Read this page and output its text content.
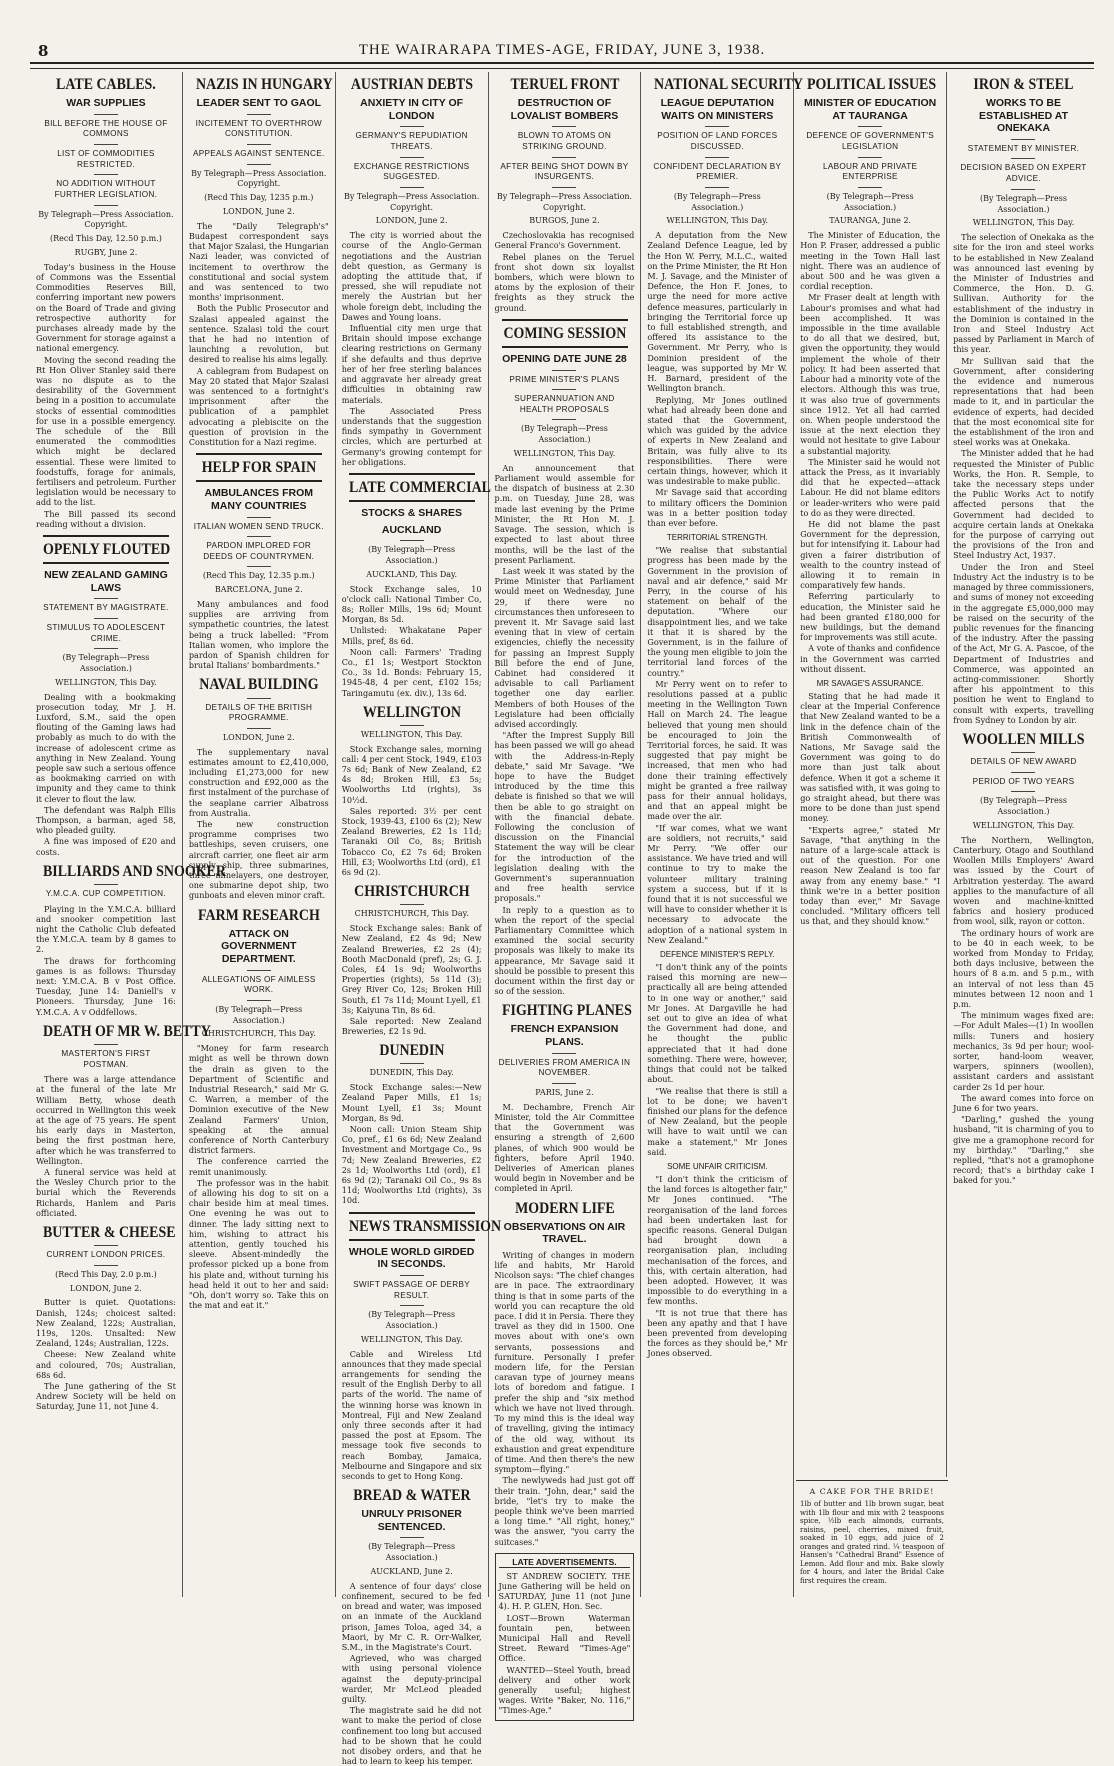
8	THE WAIRARAPA TIMES-AGE, FRIDAY, JUNE 3, 1938.
LATE CABLES.
WAR SUPPLIES
BILL BEFORE THE HOUSE OF COMMONS
LIST OF COMMODITIES RESTRICTED.
NO ADDITION WITHOUT FURTHER LEGISLATION.
By Telegraph—Press Association. Copyright.
(Recd This Day, 12.50 p.m.)
RUGBY, June 2.

Today's business in the House of Commons was the Essential Commodities Reserves Bill, conferring important new powers on the Board of Trade and giving retrospective authority for purchases already made by the Government for storage against a national emergency.

Moving the second reading the Rt Hon Oliver Stanley said there was no dispute as to the desirability of the Government being in a position to accumulate stocks of essential commodities for use in a possible emergency. The schedule of the Bill enumerated the commodities which might be declared essential. These were limited to foodstuffs, forage for animals, fertilisers and petroleum. Further legislation would be necessary to add to the list.

The Bill passed its second reading without a division.

OPENLY FLOUTED
NEW ZEALAND GAMING LAWS
STATEMENT BY MAGISTRATE.
STIMULUS TO ADOLESCENT CRIME.
(By Telegraph—Press Association.)
WELLINGTON, This Day.

Dealing with a bookmaking prosecution today, Mr J. H. Luxford, S.M., said the open flouting of the Gaming laws had probably as much to do with the increase of adolescent crime as anything in New Zealand. Young people saw such a serious offence as bookmaking carried on with impunity and they came to think it clever to flout the law.

The defendant was Ralph Ellis Thompson, a barman, aged 58, who pleaded guilty.

A fine was imposed of £20 and costs.

BILLIARDS AND SNOOKER
Y.M.C.A. CUP COMPETITION.

Playing in the Y.M.C.A. billiard and snooker competition last night the Catholic Club defeated the Y.M.C.A. team by 8 games to 2.

The draws for forthcoming games is as follows: Thursday next: Y.M.C.A. B v Post Office. Tuesday, June 14: Daniell's v Pioneers. Thursday, June 16: Y.M.C.A. A v Oddfellows.

DEATH OF MR W. BETTY
MASTERTON'S FIRST POSTMAN.

There was a large attendance at the funeral of the late Mr William Betty, whose death occurred in Wellington this week at the age of 75 years. He spent his early days in Masterton, being the first postman here, after which he was transferred to Wellington.

A funeral service was held at the Wesley Church prior to the burial which the Reverends Richards, Hanlem and Paris officiated.

BUTTER & CHEESE
CURRENT LONDON PRICES.
(Recd This Day, 2.0 p.m.)
LONDON, June 2.

Butter is quiet. Quotations: Danish, 124s; choicest salted: New Zealand, 122s; Australian, 119s, 120s. Unsalted: New Zealand, 124s; Australian, 122s.

Cheese: New Zealand white and coloured, 70s; Australian, 68s 6d.

The June gathering of the St Andrew Society will be held on Saturday, June 11, not June 4.

NAZIS IN HUNGARY
LEADER SENT TO GAOL
INCITEMENT TO OVERTHROW CONSTITUTION.
APPEALS AGAINST SENTENCE.
By Telegraph—Press Association. Copyright.
(Recd This Day, 1235 p.m.)
LONDON, June 2.

The "Daily Telegraph's" Budapest correspondent says that Major Szalasi, the Hungarian Nazi leader, was convicted of incitement to overthrow the constitutional and social system and was sentenced to two months' imprisonment.

Both the Public Prosecutor and Szalasi appealed against the sentence. Szalasi told the court that he had no intention of launching a revolution, but desired to realise his aims legally.

A cablegram from Budapest on May 20 stated that Major Szalasi was sentenced to a fortnight's imprisonment after the publication of a pamphlet advocating a plebiscite on the question of provision in the Constitution for a Nazi regime.

HELP FOR SPAIN
AMBULANCES FROM MANY COUNTRIES
ITALIAN WOMEN SEND TRUCK.
PARDON IMPLORED FOR DEEDS OF COUNTRYMEN.
(Recd This Day, 12.35 p.m.)
BARCELONA, June 2.

Many ambulances and food supplies are arriving from sympathetic countries, the latest being a truck labelled: "From Italian women, who implore the pardon of Spanish children for brutal Italians' bombardments."

NAVAL BUILDING
DETAILS OF THE BRITISH PROGRAMME.
LONDON, June 2.

The supplementary naval estimates amount to £2,410,000, including £1,273,000 for new construction and £92,000 as the first instalment of the purchase of the seaplane carrier Albatross from Australia.

The new construction programme comprises two battleships, seven cruisers, one aircraft carrier, one fleet air arm supply ship, three submarines, three minelayers, one destroyer, one submarine depot ship, two gunboats and eleven minor craft.

FARM RESEARCH
ATTACK ON GOVERNMENT DEPARTMENT.
ALLEGATIONS OF AIMLESS WORK.
(By Telegraph—Press Association.)
CHRISTCHURCH, This Day.

"Money for farm research might as well be thrown down the drain as given to the Department of Scientific and Industrial Research," said Mr G. C. Warren, a member of the Dominion executive of the New Zealand Farmers' Union, speaking at the annual conference of North Canterbury district farmers.

The conference carried the remit unanimously.

The professor was in the habit of allowing his dog to sit on a chair beside him at meal times. One evening he was out to dinner. The lady sitting next to him, wishing to attract his attention, gently touched his sleeve. Absent-mindedly the professor picked up a bone from his plate and, without turning his head held it out to her and said: "Oh, don't worry so. Take this on the mat and eat it."

AUSTRIAN DEBTS
ANXIETY IN CITY OF LONDON
GERMANY'S REPUDIATION THREATS.
EXCHANGE RESTRICTIONS SUGGESTED.
By Telegraph—Press Association. Copyright.
LONDON, June 2.

The city is worried about the course of the Anglo-German negotiations and the Austrian debt question, as Germany is adopting the attitude that, if pressed, she will repudiate not merely the Austrian but her whole foreign debt, including the Dawes and Young loans.

Influential city men urge that Britain should impose exchange clearing restrictions on Germany if she defaults and thus deprive her of her free sterling balances and aggravate her already great difficulties in obtaining raw materials.

The Associated Press understands that the suggestion finds sympathy in Government circles, which are perturbed at Germany's growing contempt for her obligations.

LATE COMMERCIAL
STOCKS & SHARES
AUCKLAND
(By Telegraph—Press Association.)
AUCKLAND, This Day.

Stock Exchange sales, 10 o'clock call: National Timber Co, 8s; Roller Mills, 19s 6d; Mount Morgan, 8s 5d.

Unlisted: Whakatane Paper Mills, pref, 8s 6d.

Noon call: Farmers' Trading Co., £1 1s; Westport Stockton Co., 3s 1d. Bonds: February 15, 1945-48, 4 per cent, £102 15s; Taringamutu (ex. div.), 13s 6d.

WELLINGTON
WELLINGTON, This Day.

Stock Exchange sales, morning call: 4 per cent Stock, 1949, £103 7s 6d; Bank of New Zealand, £2 4s 8d; Broken Hill, £3 5s; Woolworths Ltd (rights), 3s 10½d.

Sales reported: 3½ per cent Stock, 1939-43, £100 6s (2); New Zealand Breweries, £2 1s 11d; Taranaki Oil Co, 8s; British Tobacco Co, £2 7s 6d; Broken Hill, £3; Woolworths Ltd (ord), £1 6s 9d (2).

CHRISTCHURCH
CHRISTCHURCH, This Day.

Stock Exchange sales: Bank of New Zealand, £2 4s 9d; New Zealand Breweries, £2 2s (4); Booth MacDonald (pref), 2s; G. J. Coles, £4 1s 9d; Woolworths Properties (rights), 5s 11d (3); Grey River Co, 12s; Broken Hill South, £1 7s 11d; Mount Lyell, £1 3s; Kaiyuna Tin, 8s 6d.

Sale reported: New Zealand Breweries, £2 1s 9d.

DUNEDIN
DUNEDIN, This Day.

Stock Exchange sales:—New Zealand Paper Mills, £1 1s; Mount Lyell, £1 3s; Mount Morgan, 8s 9d.

Noon call: Union Steam Ship Co, pref., £1 6s 6d; New Zealand Investment and Mortgage Co., 9s 7d; New Zealand Breweries, £2 2s 1d; Woolworths Ltd (ord), £1 6s 9d (2); Taranaki Oil Co., 9s 8s 11d; Woolworths Ltd (rights), 3s 10d.

NEWS TRANSMISSION
WHOLE WORLD GIRDED IN SECONDS.
SWIFT PASSAGE OF DERBY RESULT.
(By Telegraph—Press Association.)
WELLINGTON, This Day.

Cable and Wireless Ltd announces that they made special arrangements for sending the result of the English Derby to all parts of the world. The name of the winning horse was known in Montreal, Fiji and New Zealand only three seconds after it had passed the post at Epsom. The message took five seconds to reach Bombay, Jamaica, Melbourne and Singapore and six seconds to get to Hong Kong.

BREAD & WATER
UNRULY PRISONER SENTENCED.
(By Telegraph—Press Association.)
AUCKLAND, June 2.

A sentence of four days' close confinement, secured to be fed on bread and water, was imposed on an inmate of the Auckland prison, James Toloa, aged 34, a Maori, by Mr C. R. Orr-Walker, S.M., in the Magistrate's Court.

Agrieved, who was charged with using personal violence against the deputy-principal warder, Mr McLeod pleaded guilty.

The magistrate said he did not want to make the period of close confinement too long but accused had to be shown that he could not disobey orders, and that he had to learn to keep his temper.

TERUEL FRONT
DESTRUCTION OF LOVALIST BOMBERS
BLOWN TO ATOMS ON STRIKING GROUND.
AFTER BEING SHOT DOWN BY INSURGENTS.
By Telegraph—Press Association. Copyright.
BURGOS, June 2.

Czechoslovakia has recognised General Franco's Government.

Rebel planes on the Teruel front shot down six loyalist bombers, which were blown to atoms by the explosion of their freights as they struck the ground.

COMING SESSION
OPENING DATE JUNE 28
PRIME MINISTER'S PLANS
SUPERANNUATION AND HEALTH PROPOSALS
(By Telegraph—Press Association.)
WELLINGTON, This Day.

An announcement that Parliament would assemble for the dispatch of business at 2.30 p.m. on Tuesday, June 28, was made last evening by the Prime Minister, the Rt Hon M. J. Savage. The session, which is expected to last about three months, will be the last of the present Parliament.

Last week it was stated by the Prime Minister that Parliament would meet on Wednesday, June 29, if there were no circumstances then unforeseen to prevent it. Mr Savage said last evening that in view of certain exigencies, chiefly the necessity for passing an Imprest Supply Bill before the end of June, Cabinet had considered it advisable to call Parliament together one day earlier. Members of both Houses of the Legislature had been officially advised accordingly.

"After the Imprest Supply Bill has been passed we will go ahead with the Address-in-Reply debate," said Mr Savage. "We hope to have the Budget introduced by the time this debate is finished so that we will then be able to go straight on with the financial debate. Following the conclusion of discussion on the Financial Statement the way will be clear for the introduction of the legislation dealing with the Government's superannuation and free health service proposals."

In reply to a question as to when the report of the special Parliamentary Committee which examined the social security proposals was likely to make its appearance, Mr Savage said it should be possible to present this document within the first day or so of the session.

FIGHTING PLANES
FRENCH EXPANSION PLANS.
DELIVERIES FROM AMERICA IN NOVEMBER.
PARIS, June 2.

M. Dechambre, French Air Minister, told the Air Committee that the Government was ensuring a strength of 2,600 planes, of which 900 would be fighters, before April 1940. Deliveries of American planes would begin in November and be completed in April.

MODERN LIFE
OBSERVATIONS ON AIR TRAVEL.

Writing of changes in modern life and habits, Mr Harold Nicolson says: "The chief changes are in pace. The extraordinary thing is that in some parts of the world you can recapture the old pace. I did it in Persia. There they travel as they did in 1500. One moves about with one's own servants, possessions and furniture. Personally I prefer modern life, for the Persian caravan type of journey means lots of boredom and fatigue. I prefer the ship and "six method which we have not lived through. To my mind this is the ideal way of travelling, giving the intimacy of the old way, without its exhaustion and great expenditure of time. And then there's the new symptom—flying."

The newlyweds had just got off their train. "John, dear," said the bride, "let's try to make the people think we've been married a long time." "All right, honey," was the answer, "you carry the suitcases."

LATE ADVERTISEMENTS.

ST ANDREW SOCIETY. THE June Gathering will be held on SATURDAY, June 11 (not June 4). H. P. GLEN, Hon. Sec.

LOST—Brown Waterman fountain pen, between Municipal Hall and Revell Street. Reward "Times-Age" Office.

WANTED—Steel Youth, bread delivery and other work generally useful; highest wages. Write "Baker, No. 116," "Times-Age."

NATIONAL SECURITY
LEAGUE DEPUTATION WAITS ON MINISTERS
POSITION OF LAND FORCES DISCUSSED.
CONFIDENT DECLARATION BY PREMIER.
(By Telegraph—Press Association.)
WELLINGTON, This Day.

A deputation from the New Zealand Defence League, led by the Hon W. Perry, M.L.C., waited on the Prime Minister, the Rt Hon M. J. Savage, and the Minister of Defence, the Hon F. Jones, to urge the need for more active defence measures, particularly in bringing the Territorial force up to full established strength, and offered its assistance to the Government. Mr Perry, who is Dominion president of the league, was supported by Mr W. H. Barnard, president of the Wellington branch.

Replying, Mr Jones outlined what had already been done and stated that the Government, which was guided by the advice of experts in New Zealand and Britain, was fully alive to its responsibilities. There were certain things, however, which it was undesirable to make public.

Mr Savage said that according to military officers the Dominion was in a better position today than ever before.

TERRITORIAL STRENGTH.

"We realise that substantial progress has been made by the Government in the provision of naval and air defence," said Mr Perry, in the course of his statement on behalf of the deputation. "Where our disappointment lies, and we take it that it is shared by the Government, is in the failure of the young men eligible to join the territorial land forces of the country."

Mr Perry went on to refer to resolutions passed at a public meeting in the Wellington Town Hall on March 24. The league believed that young men should be encouraged to join the Territorial forces, he said. It was suggested that pay might be increased, that men who had done their training effectively might be granted a free railway pass for their annual holidays, and that an appeal might be made over the air.

"If war comes, what we want are soldiers, not recruits," said Mr Perry. "We offer our assistance. We have tried and will continue to try to make the volunteer military training system a success, but if it is found that it is not successful we will have to consider whether it is necessary to advocate the adoption of a national system in New Zealand."

DEFENCE MINISTER'S REPLY.

"I don't think any of the points raised this morning are new—practically all are being attended to in one way or another," said Mr Jones. At Dargaville he had set out to give an idea of what the Government had done, and he thought the public appreciated that it had done something. There were, however, things that could not be talked about.

"We realise that there is still a lot to be done; we haven't finished our plans for the defence of New Zealand, but the people will have to wait until we can make a statement," Mr Jones said.

SOME UNFAIR CRITICISM.

"I don't think the criticism of the land forces is altogether fair," Mr Jones continued. "The reorganisation of the land forces had been undertaken last for specific reasons. General Duigan had brought down a reorganisation plan, including mechanisation of the forces, and this, with certain alteration, had been adopted. However, it was impossible to do everything in a few months.

"It is not true that there has been any apathy and that I have been prevented from developing the forces as they should be," Mr Jones observed.

POLITICAL ISSUES
MINISTER OF EDUCATION AT TAURANGA
DEFENCE OF GOVERNMENT'S LEGISLATION
LABOUR AND PRIVATE ENTERPRISE
(By Telegraph—Press Association.)
TAURANGA, June 2.

The Minister of Education, the Hon P. Fraser, addressed a public meeting in the Town Hall last night. There was an audience of about 500 and he was given a cordial reception.

Mr Fraser dealt at length with Labour's promises and what had been accomplished. It was impossible in the time available to do all that we desired, but, given the opportunity, they would implement the whole of their policy. It had been asserted that Labour had a minority vote of the electors. Although this was true, it was also true of governments since 1912. Yet all had carried on. When people understood the issue at the next election they would not hesitate to give Labour a substantial majority.

The Minister said he would not attack the Press, as it invariably did that he expected—attack Labour. He did not blame editors or leader-writers who were paid to do as they were directed.

He did not blame the past Government for the depression, but for intensifying it. Labour had given a fairer distribution of wealth to the country instead of allowing it to remain in comparatively few hands.

Referring particularly to education, the Minister said he had been granted £180,000 for new buildings, but the demand for improvements was still acute.

A vote of thanks and confidence in the Government was carried without dissent.

MR SAVAGE'S ASSURANCE.

Stating that he had made it clear at the Imperial Conference that New Zealand wanted to be a link in the defence chain of the British Commonwealth of Nations, Mr Savage said the Government was going to do more than just talk about defence. When it got a scheme it was satisfied with, it was going to go straight ahead, but there was more to be done than just spend money.

"Experts agree," stated Mr Savage, "that anything in the nature of a large-scale attack is out of the question. For one reason New Zealand is too far away from any enemy base." "I think we're in a better position today than ever," Mr Savage concluded. "Military officers tell us that, and they should know."

IRON & STEEL
WORKS TO BE ESTABLISHED AT ONEKAKA
STATEMENT BY MINISTER.
DECISION BASED ON EXPERT ADVICE.
(By Telegraph—Press Association.)
WELLINGTON, This Day.

The selection of Onekaka as the site for the iron and steel works to be established in New Zealand was announced last evening by the Minister of Industries and Commerce, the Hon. D. G. Sullivan. Authority for the establishment of the industry in the Dominion is contained in the Iron and Steel Industry Act passed by Parliament in March of this year.

Mr Sullivan said that the Government, after considering the evidence and numerous representations that had been made to it, and in particular the evidence of experts, had decided that the most economical site for the establishment of the iron and steel works was at Onekaka.

The Minister added that he had requested the Minister of Public Works, the Hon. R. Semple, to take the necessary steps under the Public Works Act to notify affected persons that the Government had decided to acquire certain lands at Onekaka for the purpose of carrying out the provisions of the Iron and Steel Industry Act, 1937.

Under the Iron and Steel Industry Act the industry is to be managed by three commissioners, and sums of money not exceeding in the aggregate £5,000,000 may be raised on the security of the public revenues for the financing of the industry. After the passing of the Act, Mr G. A. Pascoe, of the Department of Industries and Commerce, was appointed an acting-commissioner. Shortly after his appointment to this position he went to England to consult with experts, travelling from Sydney to London by air.

WOOLLEN MILLS
DETAILS OF NEW AWARD
PERIOD OF TWO YEARS
(By Telegraph—Press Association.)
WELLINGTON, This Day.

The Northern, Wellington, Canterbury, Otago and Southland Woollen Mills Employers' Award was issued by the Court of Arbitration yesterday. The award applies to the manufacture of all woven and machine-knitted fabrics and hosiery produced from wool, silk, rayon or cotton.

The ordinary hours of work are to be 40 in each week, to be worked from Monday to Friday, both days inclusive, between the hours of 8 a.m. and 5 p.m., with an interval of not less than 45 minutes between 12 noon and 1 p.m.

The minimum wages fixed are:—For Adult Males—(1) In woollen mills: Tuners and hosiery mechanics, 3s 9d per hour; wool-sorter, hand-loom weaver, warpers, spinners (woollen), assistant carders and assistant carder 2s 1d per hour.

The award comes into force on June 6 for two years.

"Darling," gushed the young husband, "it is charming of you to give me a gramophone record for my birthday." "Darling," she replied, "that's not a gramophone record; that's a birthday cake I baked for you."

A CAKE FOR THE BRIDE!

1lb of butter and 1lb brown sugar, beat with 1lb flour and mix with 2 teaspoons spice, ½lb each almonds, currants, raisins, peel, cherries, mixed fruit, soaked in 10 eggs, add juice of 2 oranges and grated rind. ¼ teaspoon of Hansen's "Cathedral Brand" Essence of Lemon. Add flour and mix. Bake slowly for 4 hours, and later the Bridal Cake first requires the cream.
